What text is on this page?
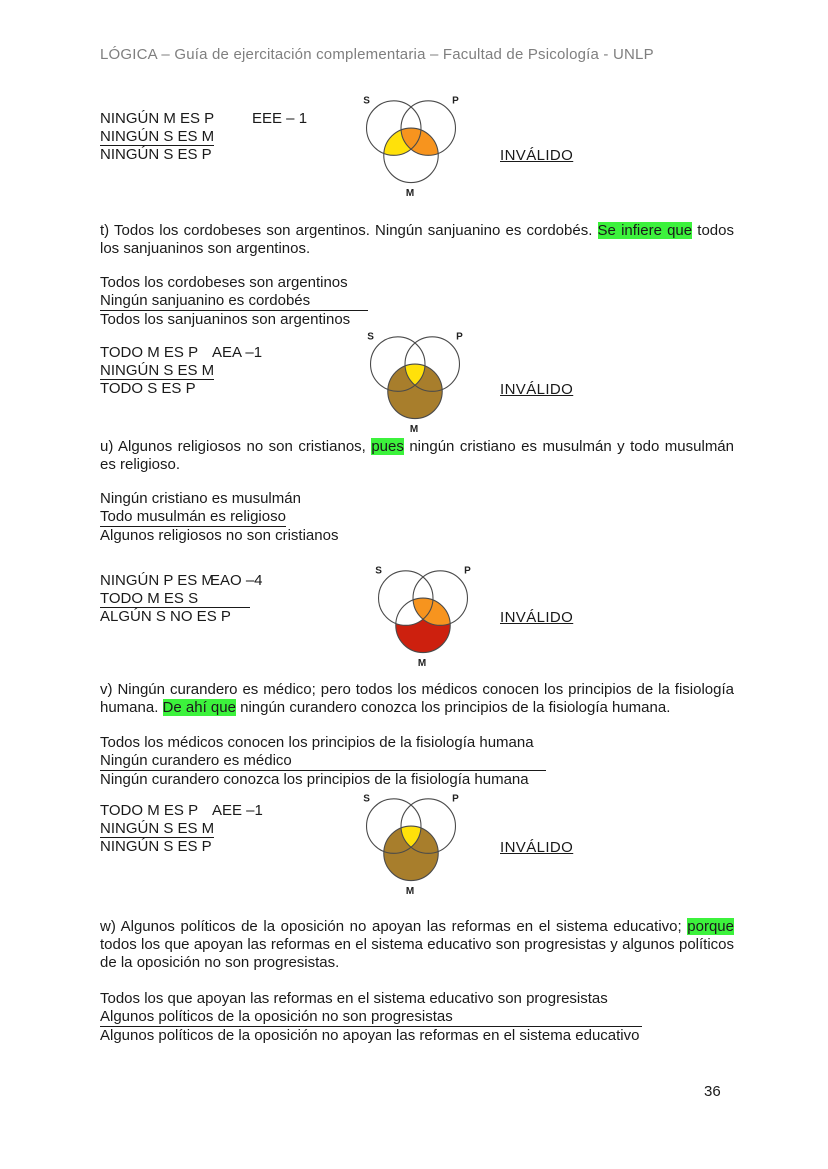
LÓGICA – Guía de ejercitación complementaria – Facultad de Psicología - UNLP
NINGÚN M ES P
NINGÚN S ES M
NINGÚN S ES P
EEE – 1
INVÁLIDO
S	P
M
t) Todos los cordobeses son argentinos. Ningún sanjuanino es cordobés. Se infiere que todos los sanjuaninos son argentinos.
Todos los cordobeses son argentinos
Ningún sanjuanino es cordobés
Todos los sanjuaninos son argentinos
TODO M ES P
NINGÚN S ES M
TODO S ES P
AEA –1
INVÁLIDO
S	P
M
u) Algunos religiosos no son cristianos, pues ningún cristiano es musulmán y todo musulmán es religioso.
Ningún cristiano es musulmán
Todo musulmán es religioso
Algunos religiosos no son cristianos
NINGÚN P ES M
TODO M ES S
ALGÚN S NO ES P
EAO –4
INVÁLIDO
S	P
M
v) Ningún curandero es médico; pero todos los médicos conocen los principios de la fisiología humana. De ahí que ningún curandero conozca los principios de la fisiología humana.
Todos los médicos conocen los principios de la fisiología humana
Ningún curandero es médico
Ningún curandero conozca los principios de la fisiología humana
TODO M ES P
NINGÚN S ES M
NINGÚN S ES P
AEE –1
INVÁLIDO
S	P
M
w) Algunos políticos de la oposición no apoyan las reformas en el sistema educativo; porque todos los que apoyan las reformas en el sistema educativo son progresistas y algunos políticos de la oposición no son progresistas.
Todos los que apoyan las reformas en el sistema educativo son progresistas
Algunos políticos de la oposición no son progresistas
Algunos políticos de la oposición no apoyan las reformas en el sistema educativo
36
